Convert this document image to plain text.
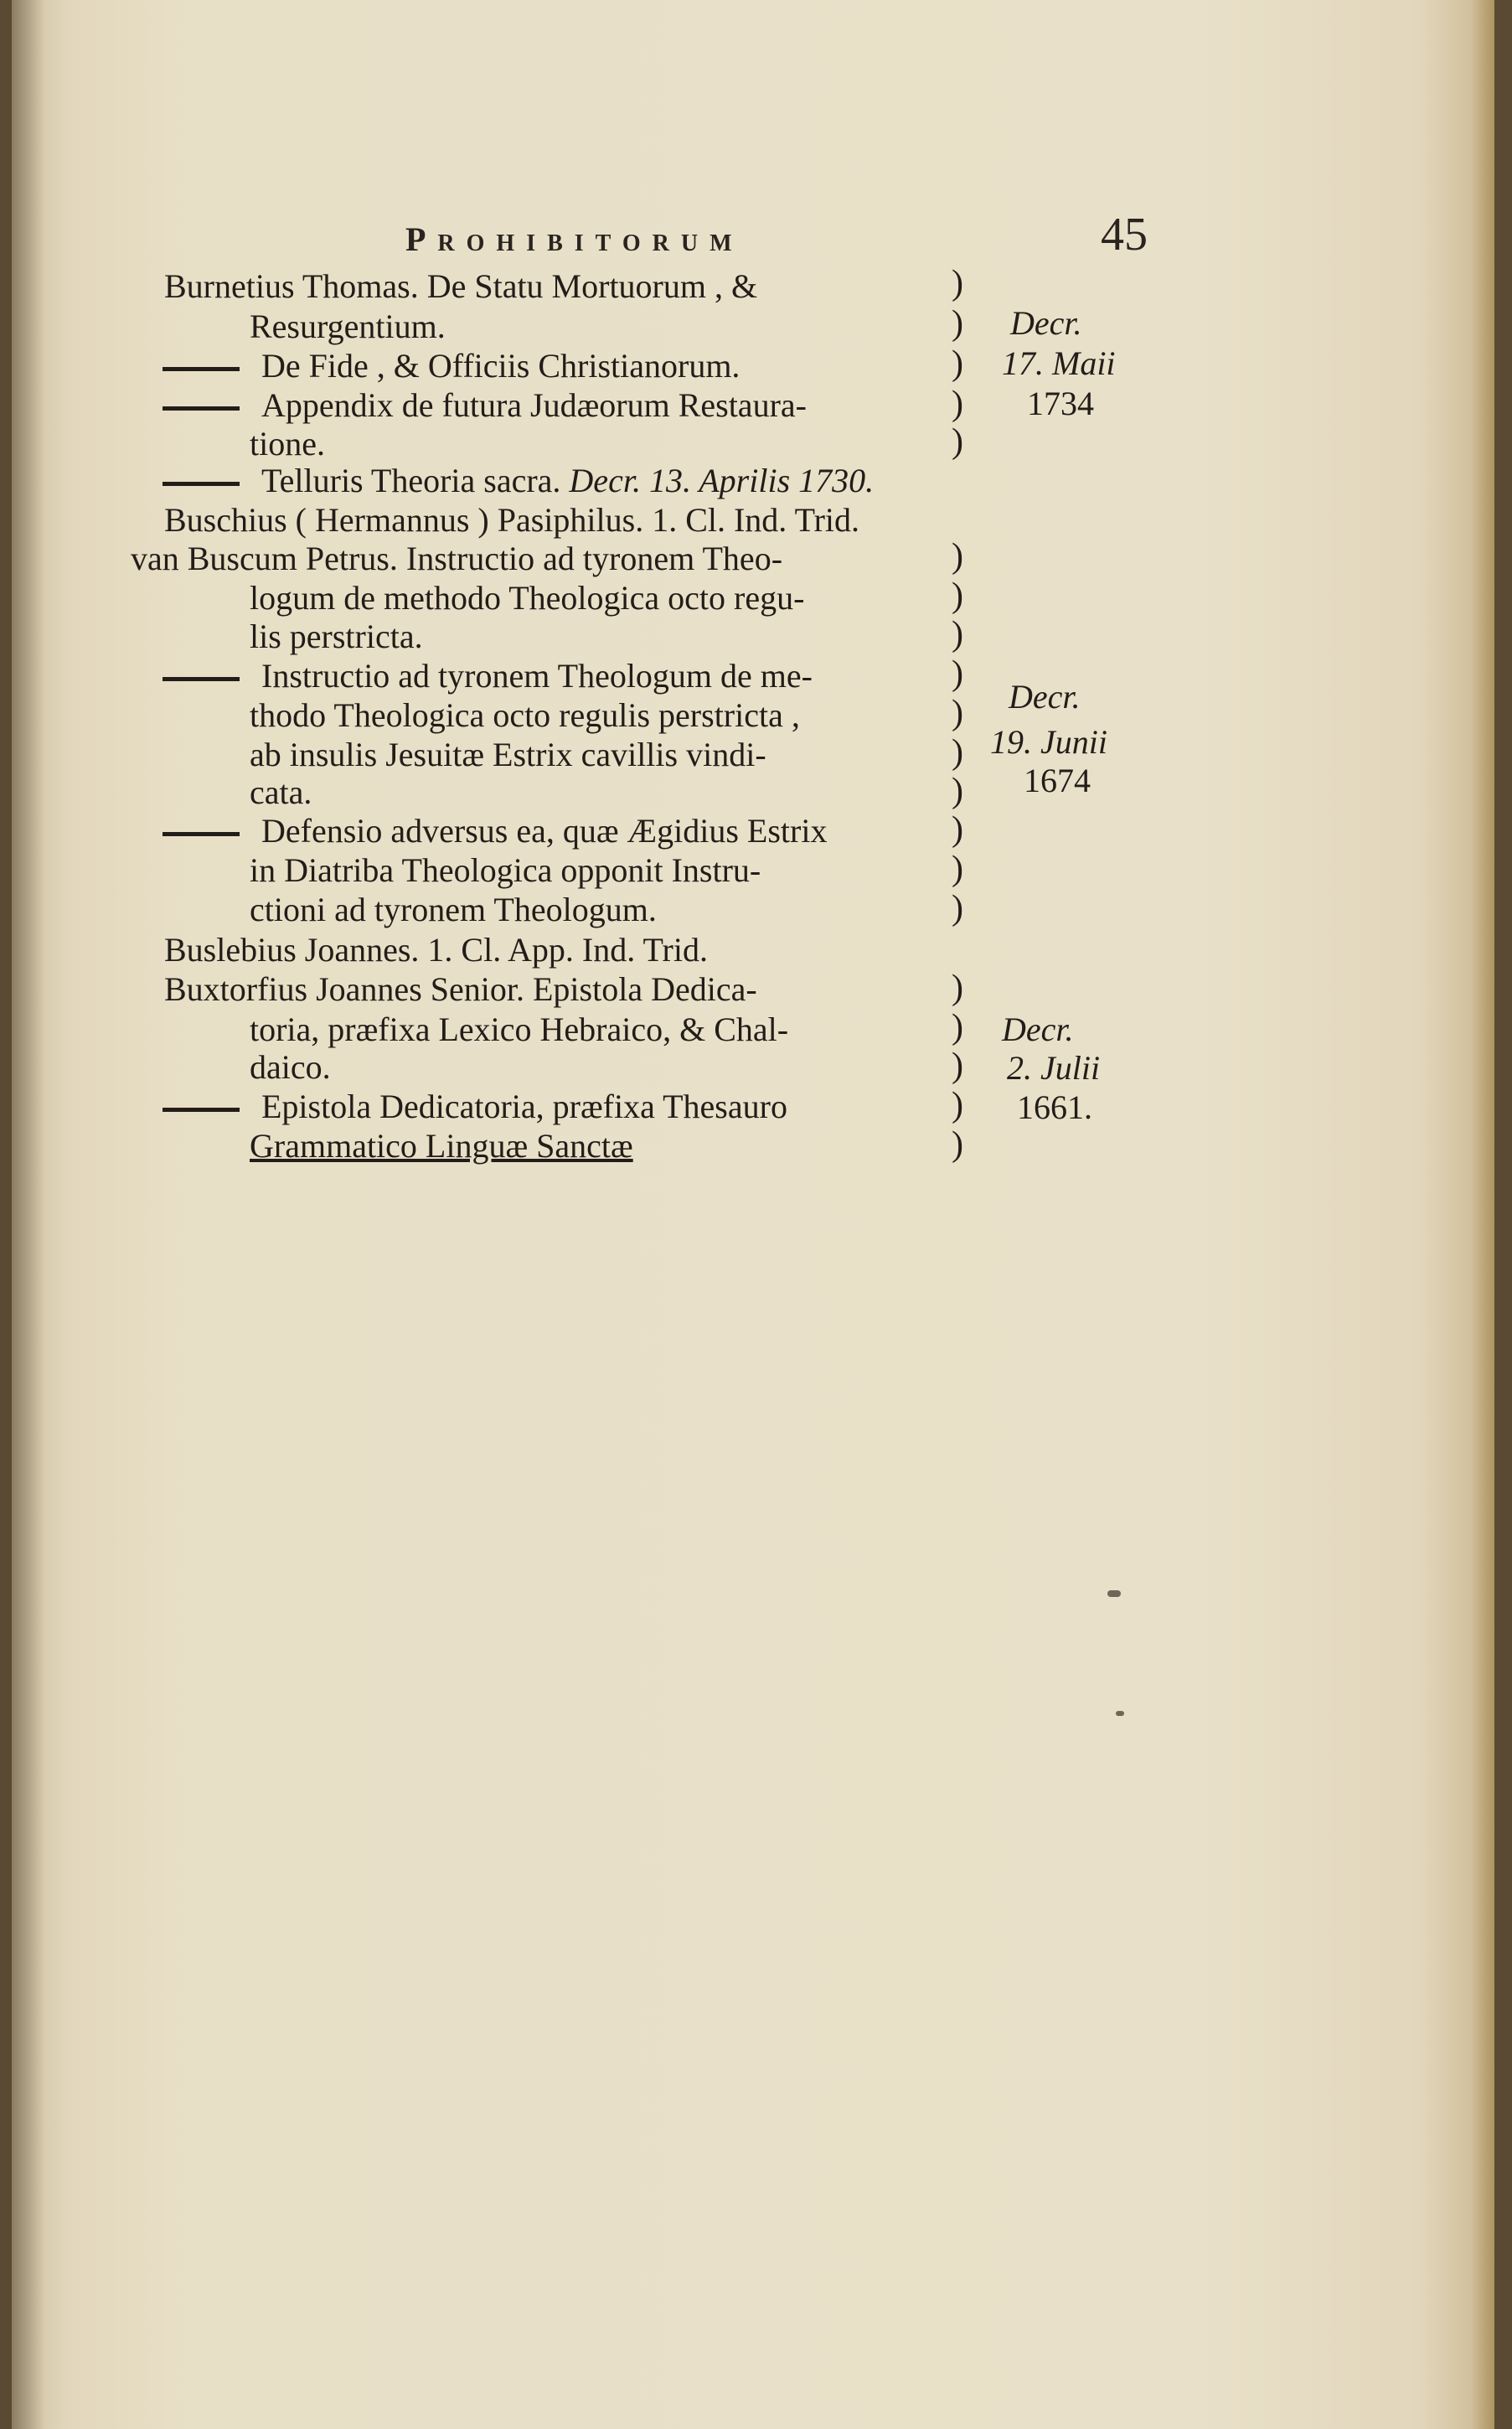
Prohibitorum	45
Burnetius Thomas. De Statu Mortuorum , &
Resurgentium.
De Fide , & Officiis Christianorum.
Appendix de futura Judæorum Restaura-
tione.
)
)
)
)
)
Decr.
17. Maii
1734
Telluris Theoria sacra. Decr. 13. Aprilis 1730.
Buschius ( Hermannus ) Pasiphilus. 1. Cl. Ind. Trid.
van Buscum Petrus. Instructio ad tyronem Theo-
logum de methodo Theologica octo regu-
lis perstricta.
Instructio ad tyronem Theologum de me-
thodo Theologica octo regulis perstricta ,
ab insulis Jesuitæ Estrix cavillis vindi-
cata.
Defensio adversus ea, quæ Ægidius Estrix
in Diatriba Theologica opponit Instru-
ctioni ad tyronem Theologum.
)
)
)
)
)
)
)
)
)
)
Decr.
19. Junii
1674
Buslebius Joannes. 1. Cl. App. Ind. Trid.
Buxtorfius Joannes Senior. Epistola Dedica-
toria, præfixa Lexico Hebraico, & Chal-
daico.
Epistola Dedicatoria, præfixa Thesauro
Grammatico Linguæ Sanctæ
)
)
)
)
)
Decr.
2. Julii
1661.
